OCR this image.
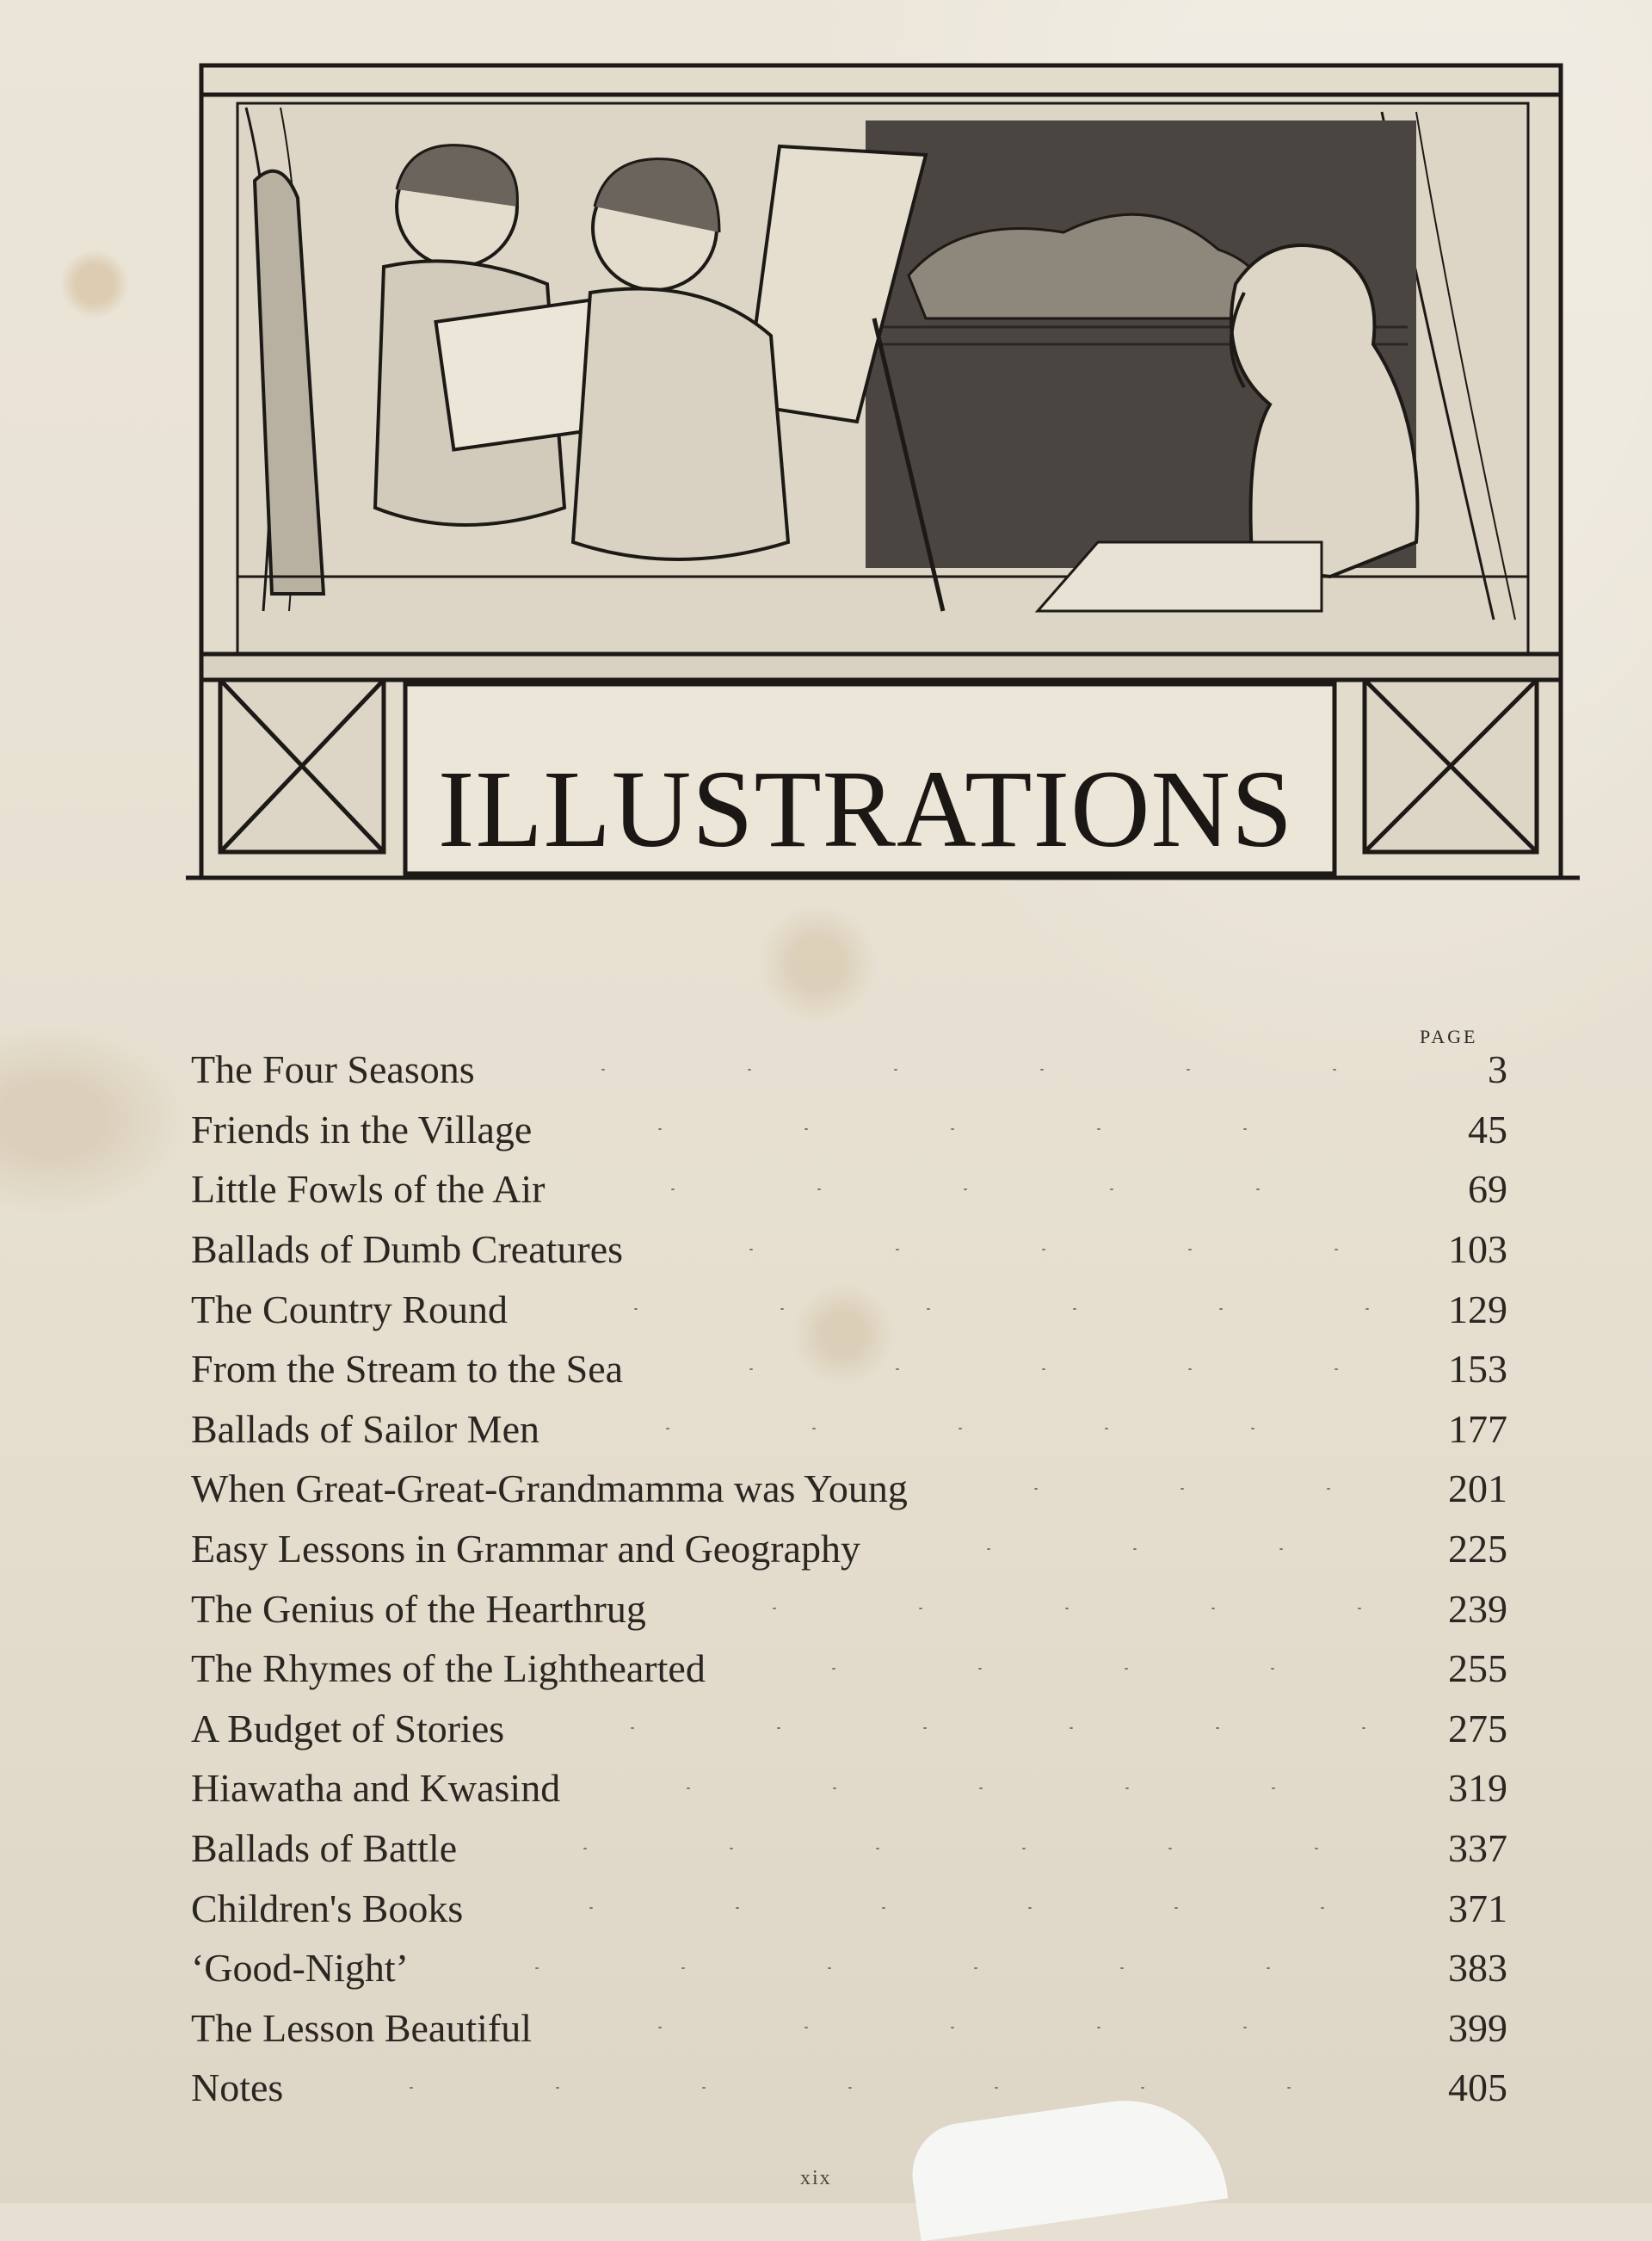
ILLUSTRATIONS
PAGE
The Four Seasons	3
Friends in the Village	45
Little Fowls of the Air	69
Ballads of Dumb Creatures	103
The Country Round	129
From the Stream to the Sea	153
Ballads of Sailor Men	177
When Great-Great-Grandmamma was Young	201
Easy Lessons in Grammar and Geography	225
The Genius of the Hearthrug	239
The Rhymes of the Lighthearted	255
A Budget of Stories	275
Hiawatha and Kwasind	319
Ballads of Battle	337
Children's Books	371
‘Good-Night’	383
The Lesson Beautiful	399
Notes	405
xix
